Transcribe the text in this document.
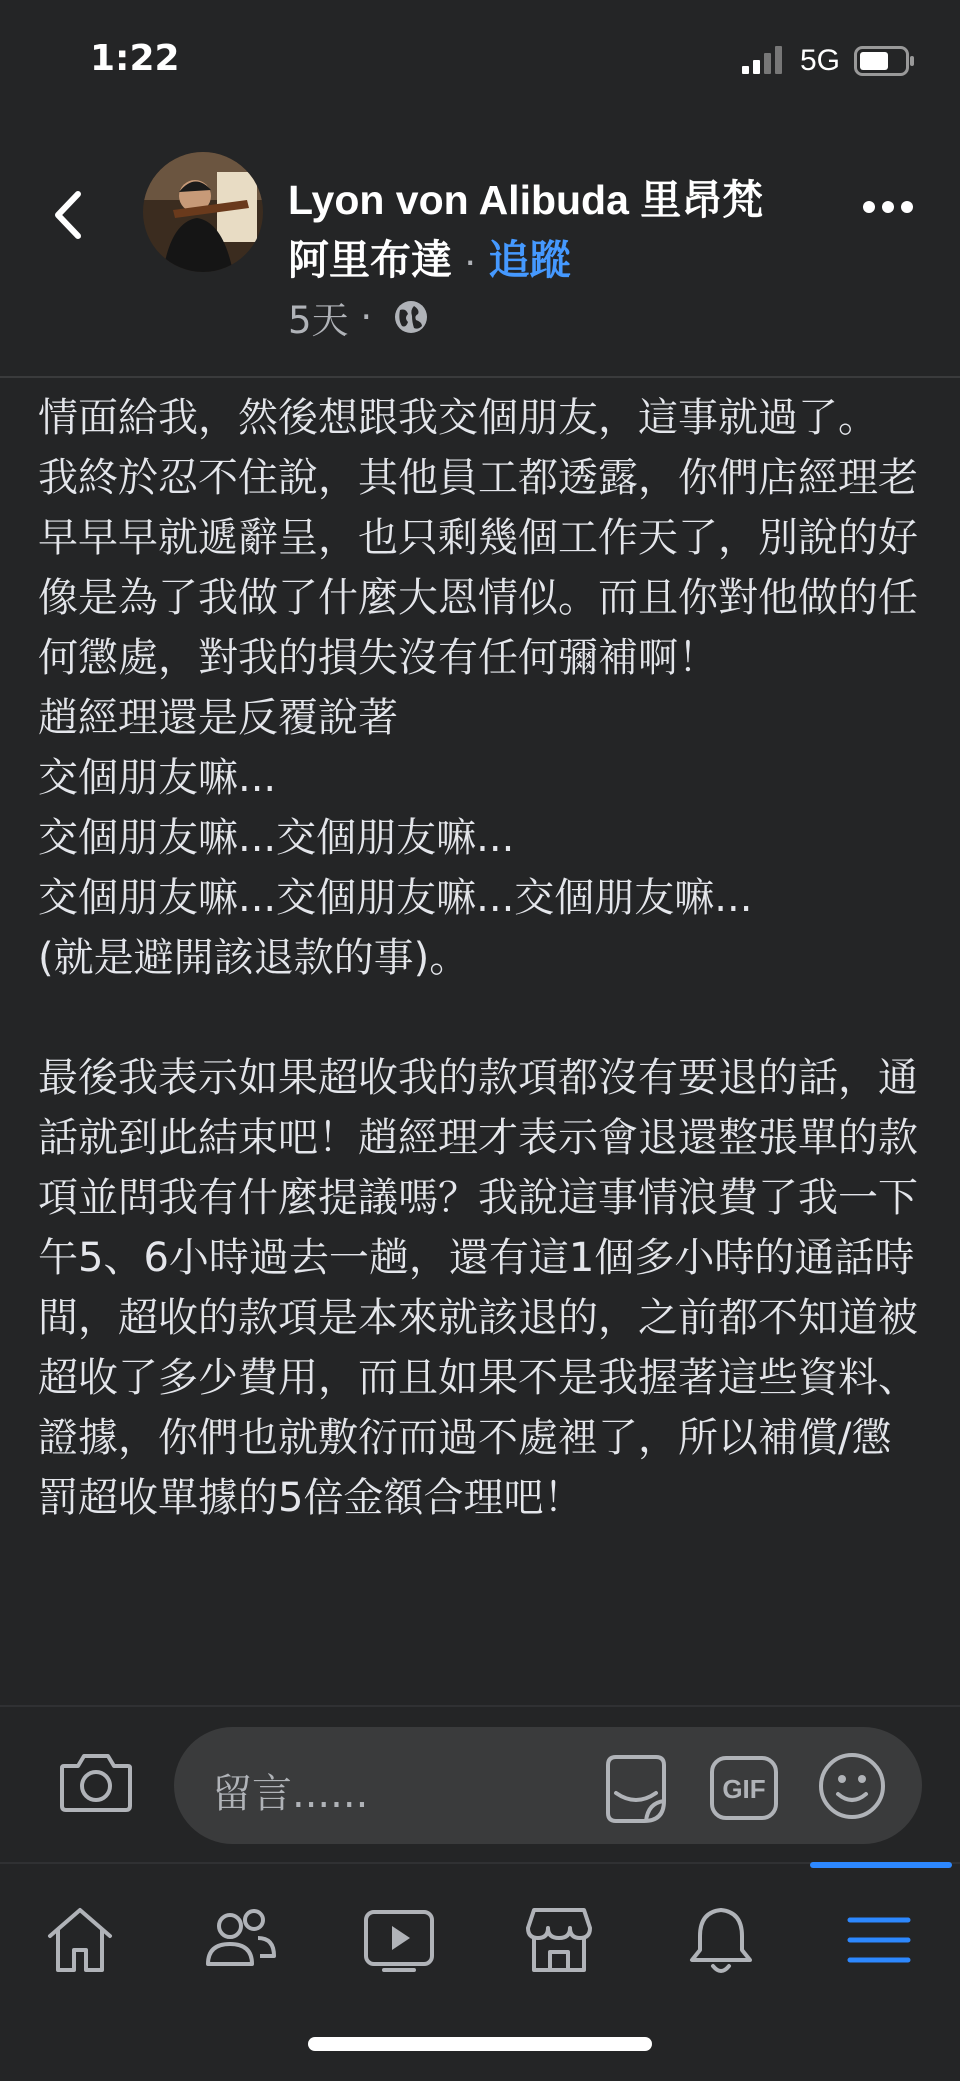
1:22	5G
Lyon von Alibuda 里昂梵 阿里布達 · 追蹤
5天 ·

情面給我，然後想跟我交個朋友，這事就過了。

我終於忍不住說，其他員工都透露，你們店經理老早早早就遞辭呈，也只剩幾個工作天了，別說的好像是為了我做了什麼大恩情似。而且你對他做的任何懲處，對我的損失沒有任何彌補啊！

趙經理還是反覆說著

交個朋友嘛...

交個朋友嘛...交個朋友嘛...

交個朋友嘛...交個朋友嘛...交個朋友嘛...

(就是避開該退款的事)。

最後我表示如果超收我的款項都沒有要退的話，通話就到此結束吧！趙經理才表示會退還整張單的款項並問我有什麼提議嗎？我說這事情浪費了我一下午5、6小時過去一趟，還有這1個多小時的通話時間，超收的款項是本來就該退的，之前都不知道被超收了多少費用，而且如果不是我握著這些資料、證據，你們也就敷衍而過不處裡了，所以補償/懲罰超收單據的5倍金額合理吧！

留言......	GIF
